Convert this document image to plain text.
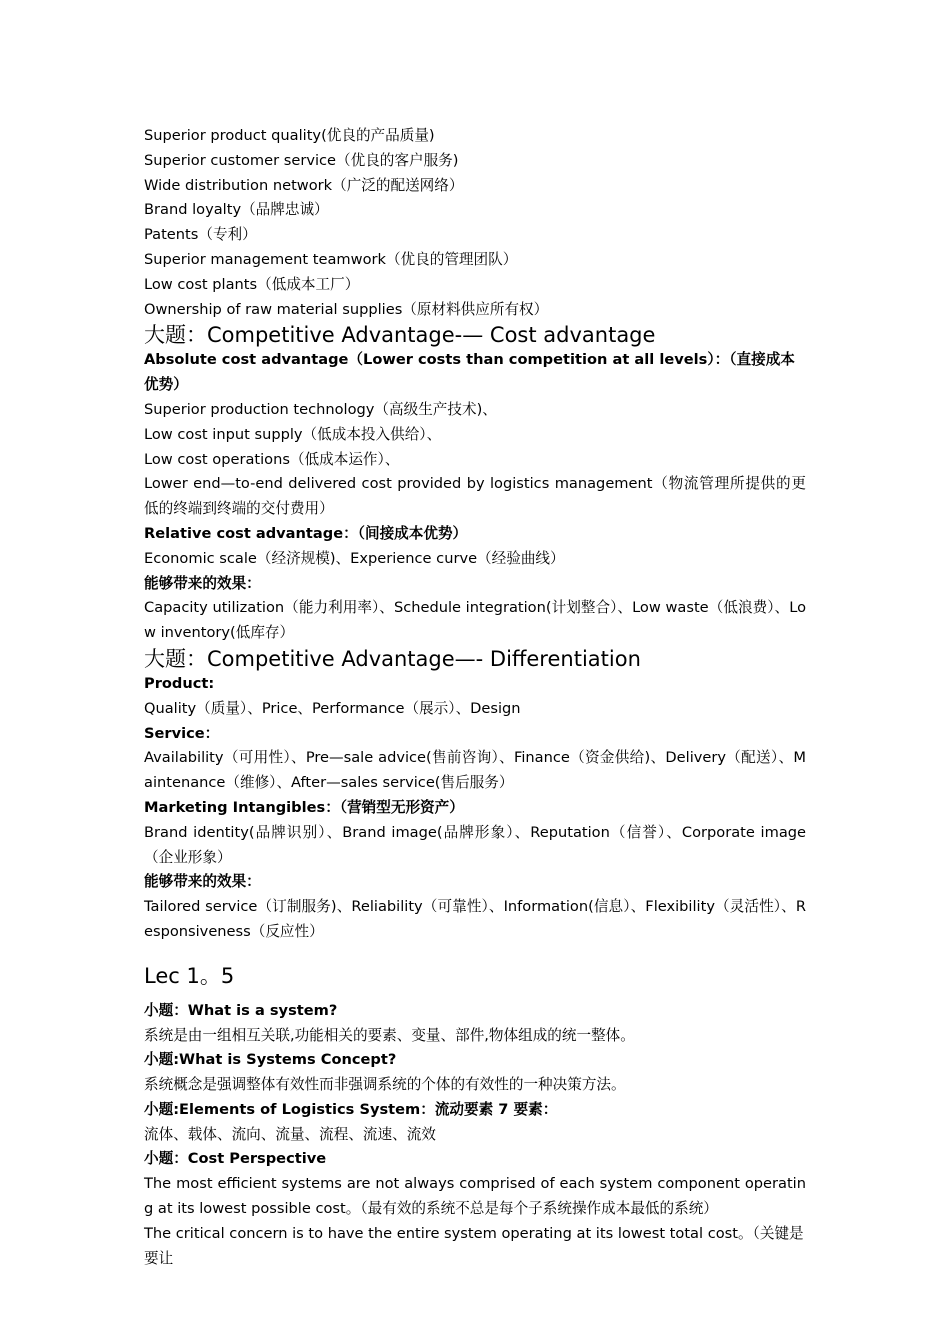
Superior product quality(优良的产品质量)

Superior customer service（优良的客户服务)

Wide distribution network（广泛的配送网络）

Brand loyalty（品牌忠诚）

Patents（专利）

Superior management teamwork（优良的管理团队）

Low cost plants（低成本工厂）

Ownership of raw material supplies（原材料供应所有权）

大题：Competitive Advantage-— Cost advantage

Absolute cost advantage（Lower costs than competition at all levels）：（直接成本优势）

Superior production technology（高级生产技术)、

Low cost input supply（低成本投入供给）、

Low cost operations（低成本运作）、

Lower end—to-end delivered cost provided by logistics management（物流管理所提供的更低的终端到终端的交付费用）

Relative cost advantage：（间接成本优势）

Economic scale（经济规模)、Experience curve（经验曲线）

能够带来的效果：

Capacity utilization（能力利用率）、Schedule integration(计划整合）、Low waste（低浪费）、Low inventory(低库存）

大题：Competitive Advantage—- Differentiation

Product:

Quality（质量）、Price、Performance（展示）、Design

Service：

Availability（可用性）、Pre—sale advice(售前咨询）、Finance（资金供给)、Delivery（配送）、Maintenance（维修）、After—sales service(售后服务）

Marketing Intangibles：（营销型无形资产）

Brand identity(品牌识别）、Brand image(品牌形象）、Reputation（信誉）、Corporate image（企业形象）

能够带来的效果：

Tailored service（订制服务)、Reliability（可靠性）、Information(信息）、Flexibility（灵活性）、Responsiveness（反应性）

Lec 1。5

小题：What is a system?

系统是由一组相互关联,功能相关的要素、变量、部件,物体组成的统一整体。

小题:What is Systems Concept?

系统概念是强调整体有效性而非强调系统的个体的有效性的一种决策方法。

小题:Elements of Logistics System：流动要素 7 要素：

流体、载体、流向、流量、流程、流速、流效

小题：Cost Perspective

The most efficient systems are not always comprised of each system component operating at its lowest possible cost。（最有效的系统不总是每个子系统操作成本最低的系统）

The critical concern is to have the entire system operating at its lowest total cost。（关键是要让
